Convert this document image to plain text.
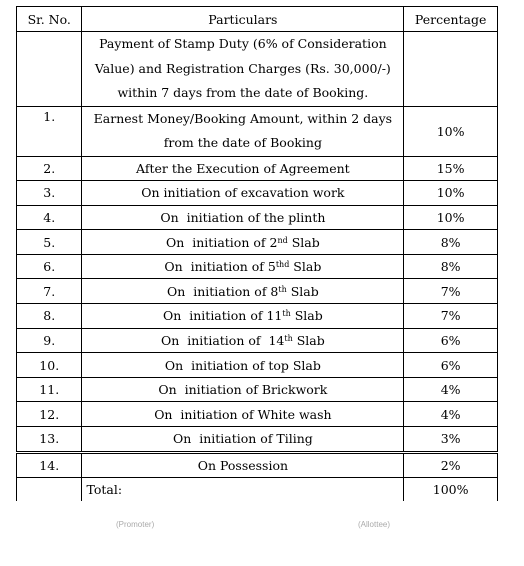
Sr. No.	Particulars	Percentage
	Payment of Stamp Duty (6% of Consideration Value) and Registration Charges (Rs. 30,000/-) within 7 days from the date of Booking.	
1.	Earnest Money/Booking Amount, within 2 days from the date of Booking	10%
2.	After the Execution of Agreement	15%
3.	On initiation of excavation work	10%
4.	On  initiation of the plinth	10%
5.	On  initiation of 2nd Slab	8%
6.	On  initiation of $5^{thd}$ Slab	8%
7.	On  initiation of 8th Slab	7%
8.	On  initiation of 11th Slab	7%
9.	On  initiation of  14th Slab	6%
10.	On  initiation of top Slab	6%
11.	On  initiation of Brickwork	4%
12.	On  initiation of White wash	4%
13.	On  initiation of Tiling	3%
14.	On Possession	2%
	Total:	100%
(Promoter)	(Allottee)
